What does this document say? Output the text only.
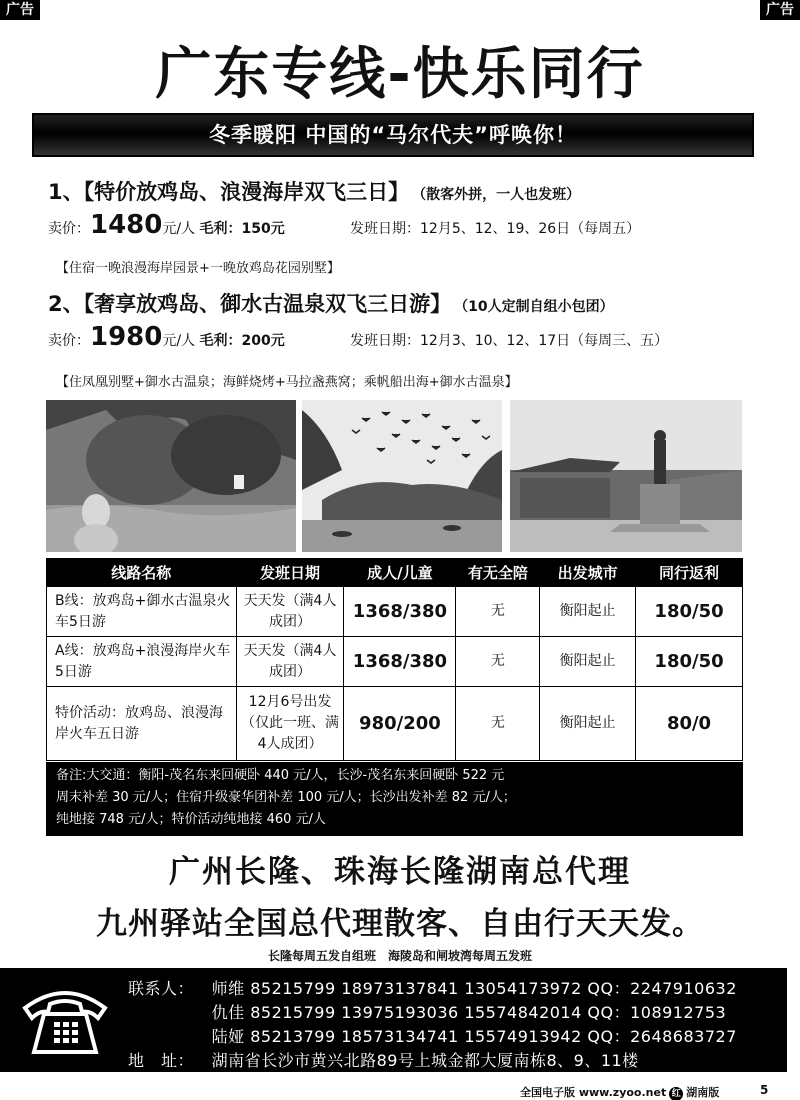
广告	广告
广东专线-快乐同行
冬季暖阳 中国的“马尔代夫”呼唤你！
1、【特价放鸡岛、浪漫海岸双飞三日】 （散客外拼，一人也发班）
卖价：1480元/人 毛利：150元	发班日期：12月5、12、19、26日（每周五）
【住宿一晚浪漫海岸园景+一晚放鸡岛花园别墅】
2、【奢享放鸡岛、御水古温泉双飞三日游】 （10人定制自组小包团）
卖价：1980元/人 毛利：200元	发班日期：12月3、10、12、17日（每周三、五）
【住凤凰别墅+御水古温泉；海鲜烧烤+马拉盏燕窝；乘帆船出海+御水古温泉】
线路名称	发班日期	成人/儿童	有无全陪	出发城市	同行返利
B线：放鸡岛+御水古温泉火车5日游	天天发（满4人成团）	1368/380	无	衡阳起止	180/50
A线：放鸡岛+浪漫海岸火车5日游	天天发（满4人成团）	1368/380	无	衡阳起止	180/50
特价活动：放鸡岛、浪漫海岸火车五日游	12月6号出发（仅此一班、满4人成团）	980/200	无	衡阳起止	80/0
备注:大交通：衡阳-茂名东来回硬卧 440 元/人，长沙-茂名东来回硬卧 522 元
周末补差 30 元/人；住宿升级豪华团补差 100 元/人；长沙出发补差 82 元/人；
纯地接 748 元/人；特价活动纯地接 460 元/人
广州长隆、珠海长隆湖南总代理
九州驿站全国总代理散客、自由行天天发。
长隆每周五发自组班　海陵岛和闸坡湾每周五发班
联系人： 师维 85215799 18973137841 13054173972 QQ：2247910632
仇佳 85215799 13975193036 15574842014 QQ：108912753
陆娅 85213799 18573134741 15574913942 QQ：2648683727
地　址： 湖南省长沙市黄兴北路89号上城金都大厦南栋8、9、11楼
全国电子版 www.zyoo.net 红 湖南版	5
